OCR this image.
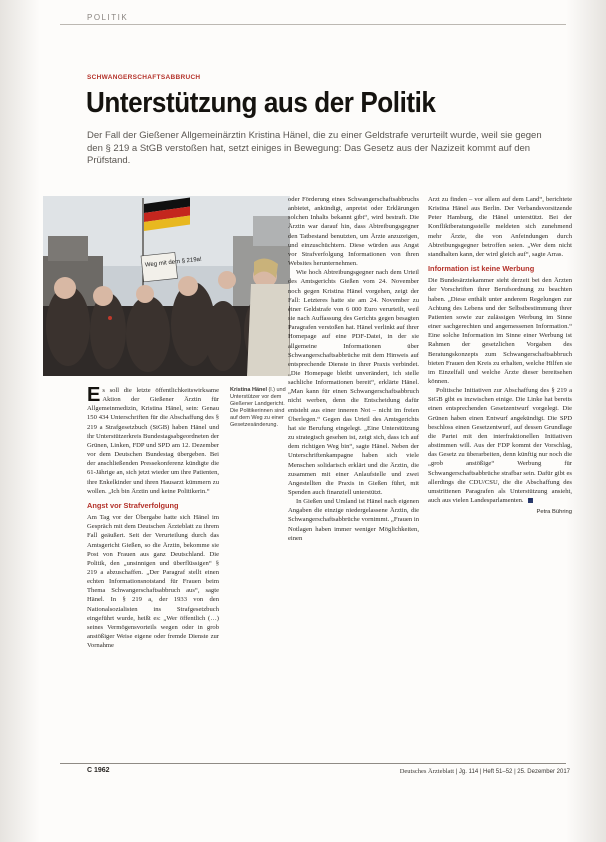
POLITIK
SCHWANGERSCHAFTSABBRUCH
Unterstützung aus der Politik

Der Fall der Gießener Allgemeinärztin Kristina Hänel, die zu einer Geldstrafe verurteilt wurde, weil sie gegen den § 219 a StGB verstoßen hat, setzt einiges in Bewegung: Das Gesetz aus der Nazizeit kommt auf den Prüfstand.

Weg mit dem § 219a!

Kristina Hänel (l.) und Unterstützer vor dem Gießener Landgericht. Die Politikerinnen sind auf dem Weg zu einer Gesetzesänderung.

Es soll die letzte öffentlichkeitswirksame Aktion der Gießener Ärztin für Allgemeinmedizin, Kristina Hänel, sein: Genau 150 434 Unterschriften für die Abschaffung des § 219 a Strafgesetzbuch (StGB) haben Hänel und ihr Unterstützerkreis Bundestagsabgeordneten der Grünen, Linken, FDP und SPD am 12. Dezember vor dem Deutschen Bundestag übergeben. Bei der anschließenden Pressekonferenz kündigte die 61-Jährige an, sich jetzt wieder um ihre Patienten, ihre Enkelkinder und ihren Hausarzt kümmern zu wollen. „Ich bin Ärztin und keine Politikerin.“

Angst vor Strafverfolgung

Am Tag vor der Übergabe hatte sich Hänel im Gespräch mit dem Deutschen Ärzteblatt zu ihrem Fall geäußert. Seit der Verurteilung durch das Amtsgericht Gießen, so die Ärztin, bekomme sie Post von Frauen aus ganz Deutschland. Die Politik, den „unsinnigen und überflüssigen“ § 219 a abzuschaffen. „Der Paragraf stellt einen echten Informationsnotstand für Frauen beim Thema Schwangerschaftsabbruch aus“, sagte Hänel. In § 219 a, der 1933 von den Nationalsozialisten ins Strafgesetzbuch eingeführt wurde, heißt es: „Wer öffentlich (…) seines Vermögensvorteils wegen oder in grob anstößiger Weise eigene oder fremde Dienste zur Vornahme

oder Förderung eines Schwangerschaftsabbruchs anbietet, ankündigt, anpreist oder Erklärungen solchen Inhalts bekannt gibt“, wird bestraft. Die Ärztin war darauf hin, dass Abtreibungsgegner den Tatbestand benutzten, um Ärzte anzuzeigen, und einzuschüchtern. Diese würden aus Angst vor Strafverfolgung Informationen von ihren Websites herunternehmen.

Wie hoch Abtreibungsgegner nach dem Urteil des Amtsgerichts Gießen vom 24. November noch gegen Kristina Hänel vorgehen, zeigt der Fall: Letzteres hatte sie am 24. November zu einer Geldstrafe von 6 000 Euro verurteilt, weil sie nach Auffassung des Gerichts gegen besagten Paragrafen verstoßen hat. Hänel verlinkt auf ihrer Homepage auf eine PDF-Datei, in der sie allgemeine Informationen über Schwangerschaftsabbrüche mit dem Hinweis auf entsprechende Dienste in ihrer Praxis verbindet. „Die Homepage bleibt unverändert, ich stelle sachliche Informationen bereit“, erklärte Hänel. „Man kann für einen Schwangerschaftsabbruch nicht werben, denn die Entscheidung dafür entsteht aus einer inneren Not – nicht im freien Überlegen.“ Gegen das Urteil des Amtsgerichts hat sie Berufung eingelegt. „Eine Unterstützung zu strategisch gesehen ist, zeigt sich, dass ich auf dem richtigen Weg bin“, sagte Hänel. Neben der Unterschriftenkampagne haben sich viele Menschen solidarisch erklärt und die Ärztin, die zusammen mit einer Anlaufstelle und zwei Angestellten die Praxis in Gießen führt, mit Spenden auch finanziell unterstützt.

In Gießen und Umland ist Hänel nach eigenen Angaben die einzige niedergelassene Ärztin, die Schwangerschaftsabbrüche vornimmt. „Frauen in Notlagen haben immer weniger Möglichkeiten, einen

Arzt zu finden – vor allem auf dem Land“, berichtete Kristina Hänel aus Berlin. Der Verbandsvorsitzende Peter Hamburg, die Hänel unterstützt. Bei der Konfliktberatungsstelle meldeten sich zunehmend mehr Ärzte, die von Anfeindungen durch Abtreibungsgegner betroffen seien. „Wer dem nicht standhalten kann, der wird gleich auf“, sagte Arras.

Information ist keine Werbung

Die Bundesärztekammer sieht derzeit bei den Ärzten der Vorschriften ihrer Berufsordnung zu beachten haben. „Diese enthält unter anderem Regelungen zur Achtung des Lebens und der Selbstbestimmung ihrer Patienten sowie zur zulässigen Werbung im Sinne einer sachgerechten und angemessenen Information.“ Eine solche Information im Sinne einer Werbung ist Rahmen der gesetzlichen Vorgaben des Beratungskonzepts zum Schwangerschaftsabbruch bieten Frauen den Kreis zu erhalten, welche Hilfen sie im Einzelfall und welche Ärzte dieser bereitsehen können.

Politische Initiativen zur Abschaffung des § 219 a StGB gibt es inzwischen einige. Die Linke hat bereits einen entsprechenden Gesetzentwurf vorgelegt. Die Grünen haben einen Entwurf angekündigt. Die SPD beschloss einen Gesetzentwurf, auf dessen Grundlage die Partei mit den interfraktionellen Initiativen abstimmen will. Aus der FDP kommt der Vorschlag, das Gesetz zu überarbeiten, denn künftig nur noch die „grob anstößige“ Werbung für Schwangerschaftsabbrüche strafbar sein. Dafür gibt es allerdings die CDU/CSU, die die Abschaffung des umstrittenen Paragrafen als Unterstützung ansieht, auch aus vielen Landesparlamenten.

Petra Bühring

C 1962	Deutsches Ärzteblatt | Jg. 114 | Heft 51–52 | 25. Dezember 2017
